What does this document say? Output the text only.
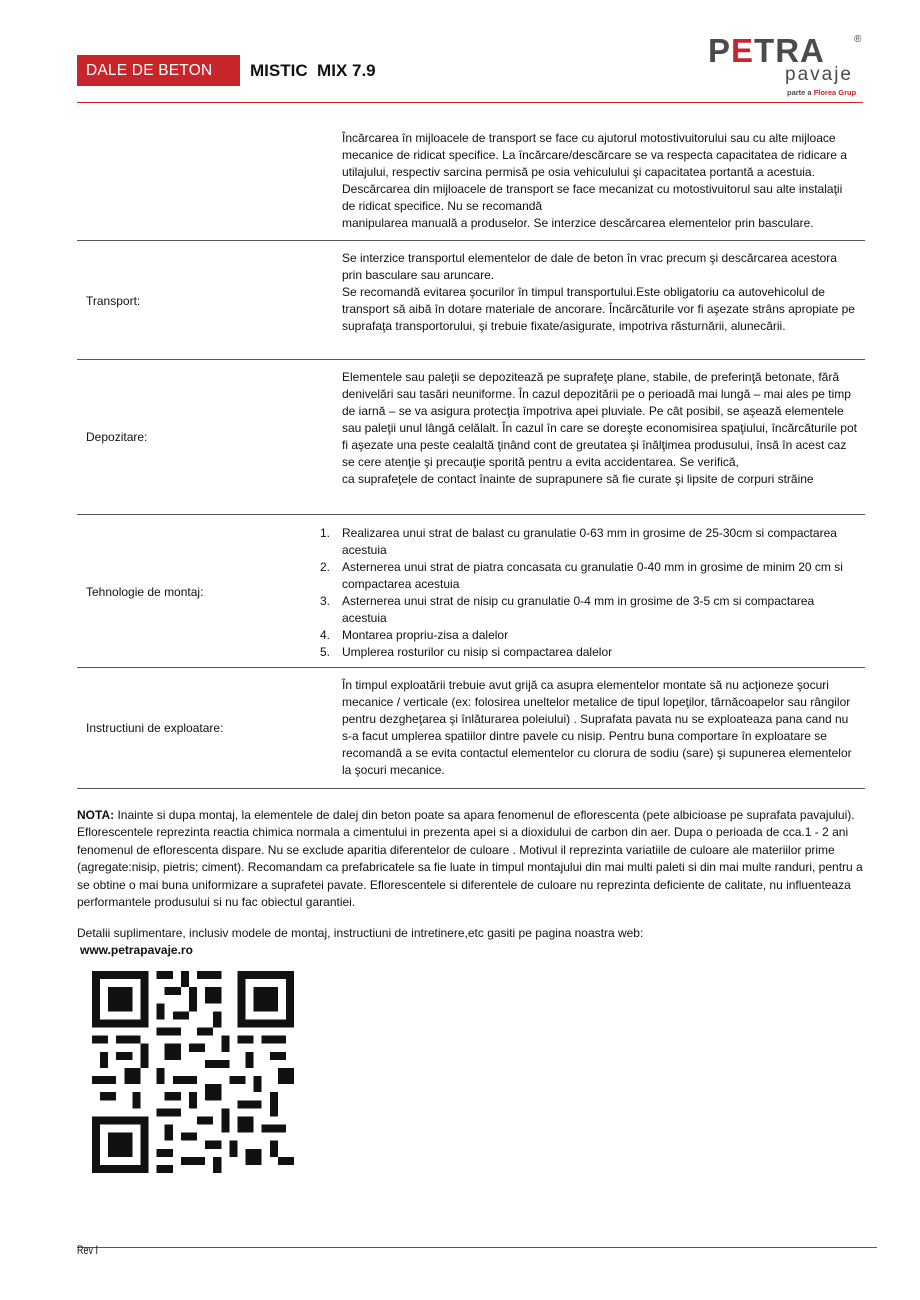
DALE DE BETON	MISTIC  MIX 7.9
PETRA	®
pavaje
parte a Florea Grup

Încărcarea în mijloacele de transport se face cu ajutorul motostivuitorului sau cu alte mijloace mecanice de ridicat specifice. La încărcare/descărcare se va respecta capacitatea de ridicare a utilajului, respectiv sarcina permisă pe osia vehiculului şi capacitatea portantă a acestuia. Descărcarea din mijloacele de transport se face mecanizat cu motostivuitorul sau alte instalaţii de ridicat specifice. Nu se recomandă

manipularea manuală a produselor. Se interzice descărcarea elementelor prin basculare.

Transport:

Se interzice transportul elementelor de dale de beton în vrac precum şi descărcarea acestora prin basculare sau aruncare.

Se recomandă evitarea şocurilor în timpul transportului.Este obligatoriu ca autovehicolul de transport să aibă în dotare materiale de ancorare. Încărcăturile vor fi aşezate strâns apropiate pe suprafaţa transportorului, şi trebuie fixate/asigurate, impotriva răsturnării, alunecării.

Depozitare:

Elementele sau paleţii se depozitează pe suprafeţe plane, stabile, de preferinţă betonate, fără denivelări sau tasări neuniforme. În cazul depozitării pe o perioadă mai lungă – mai ales pe timp de iarnă – se va asigura protecţia împotriva apei pluviale. Pe cât posibil, se aşează elementele sau paleţii unul lângă celălalt. În cazul în care se doreşte economisirea spaţiului, încărcăturile pot fi aşezate una peste cealaltă ţinând cont de greutatea şi înălţimea produsului, însă în acest caz se cere atenţie şi precauţie sporită pentru a evita accidentarea. Se verifică,

ca suprafeţele de contact înainte de suprapunere să fie curate şi lipsite de corpuri străine

Tehnologie de montaj:
1. Realizarea unui strat de balast cu granulatie 0-63 mm in grosime de 25-30cm si compactarea acestuia
2. Asternerea unui strat de piatra concasata cu granulatie 0-40 mm in grosime de minim 20 cm si compactarea acestuia
3. Asternerea unui strat de nisip cu granulatie 0-4 mm in grosime de 3-5 cm si compactarea acestuia
4. Montarea propriu-zisa a dalelor
5. Umplerea rosturilor cu nisip si compactarea dalelor
Instructiuni de exploatare:

În timpul exploatării trebuie avut grijă ca asupra elementelor montate să nu acţioneze şocuri mecanice / verticale (ex: folosirea uneltelor metalice de tipul lopeţilor, târnăcoapelor sau rângilor pentru dezgheţarea şi înlăturarea poleiului) . Suprafata pavata nu se exploateaza pana cand nu s-a facut umplerea spatiilor dintre pavele cu nisip. Pentru buna comportare în exploatare se recomandă a se evita contactul elementelor cu clorura de sodiu (sare) şi supunerea elementelor la şocuri mecanice.

NOTA: Inainte si dupa montaj, la elementele de dalej din beton poate sa apara fenomenul de eflorescenta (pete albicioase pe suprafata pavajului). Eflorescentele reprezinta reactia chimica normala a cimentului in prezenta apei si a dioxidului de carbon din aer. Dupa o perioada de cca.1 - 2 ani fenomenul de eflorescenta dispare. Nu se exclude aparitia diferentelor de culoare . Motivul il reprezinta variatiile de culoare ale materiilor prime (agregate:nisip, pietris; ciment). Recomandam ca prefabricatele sa fie luate in timpul montajului din mai multi paleti si din mai multe randuri, pentru a se obtine o mai buna uniformizare a suprafetei pavate. Eflorescentele si diferentele de culoare nu reprezinta deficiente de calitate, nu influenteaza performantele produsului si nu fac obiectul garantiei.
Detalii suplimentare, inclusiv modele de montaj, instructiuni de intretinere,etc gasiti pe pagina noastra web:
www.petrapavaje.ro
Rev I
